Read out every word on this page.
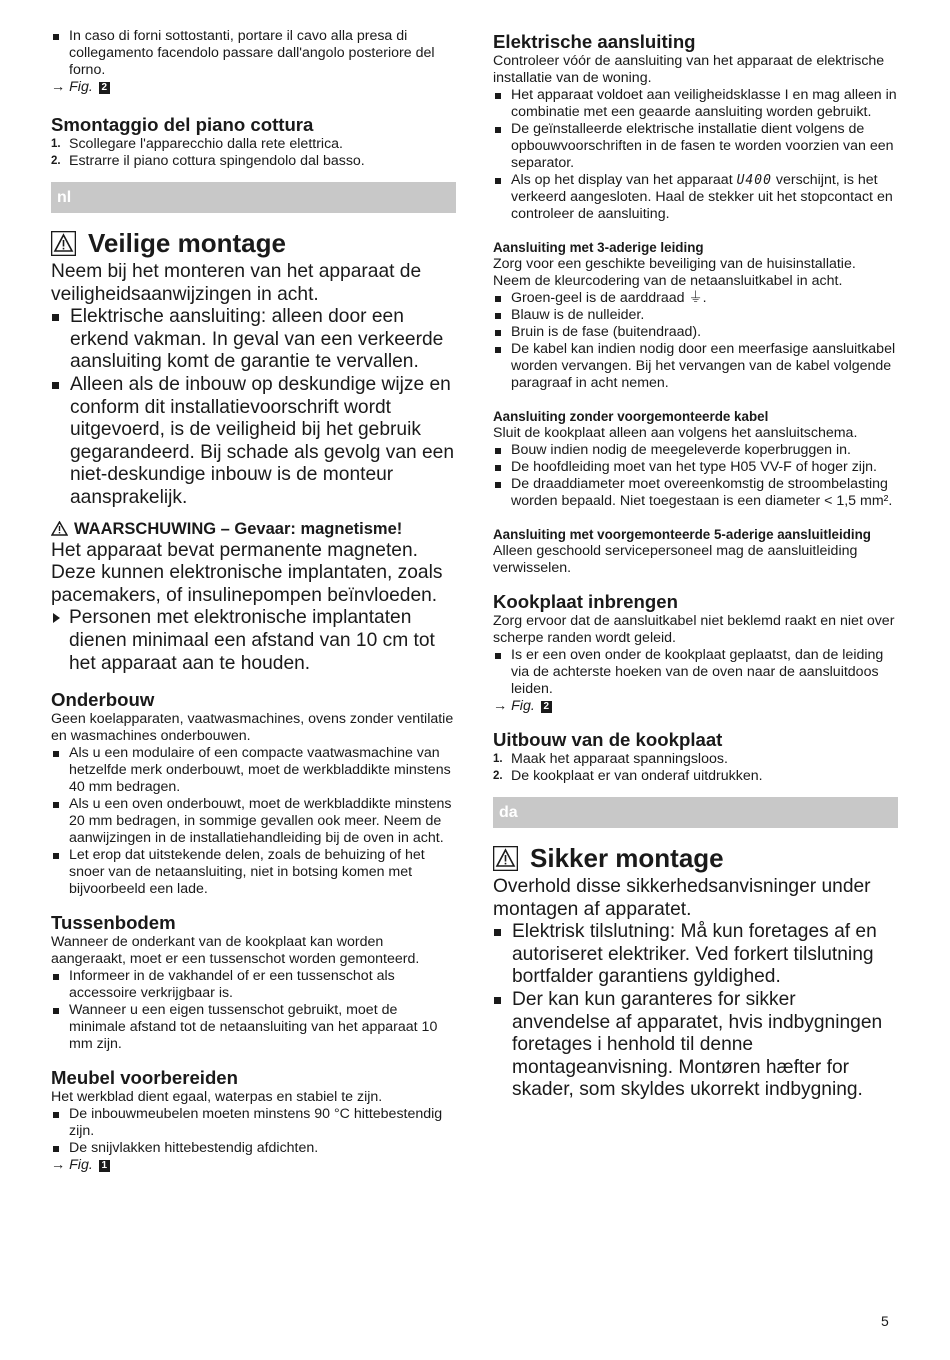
In caso di forni sottostanti, portare il cavo alla presa di collegamento facendolo passare dall'angolo posteriore del forno.
→ Fig. 2
Smontaggio del piano cottura
1. Scollegare l'apparecchio dalla rete elettrica.
2. Estrarre il piano cottura spingendolo dal basso.
nl
Veilige montage

Neem bij het monteren van het apparaat de veiligheidsaanwijzingen in acht.

Elektrische aansluiting: alleen door een erkend vakman. In geval van een verkeerde aansluiting komt de garantie te vervallen.
Alleen als de inbouw op deskundige wijze en conform dit installatievoorschrift wordt uitgevoerd, is de veiligheid bij het gebruik gegarandeerd. Bij schade als gevolg van een niet-deskundige inbouw is de monteur aansprakelijk.

WAARSCHUWING – Gevaar: magnetisme!

Het apparaat bevat permanente magneten. Deze kunnen elektronische implantaten, zoals pacemakers, of insulinepompen beïnvloeden.

Personen met elektronische implantaten dienen minimaal een afstand van 10 cm tot het apparaat aan te houden.
Onderbouw

Geen koelapparaten, vaatwasmachines, ovens zonder ventilatie en wasmachines onderbouwen.

Als u een modulaire of een compacte vaatwasmachine van hetzelfde merk onderbouwt, moet de werkbladdikte minstens 40 mm bedragen.
Als u een oven onderbouwt, moet de werkbladdikte minstens 20 mm bedragen, in sommige gevallen ook meer. Neem de aanwijzingen in de installatiehandleiding bij de oven in acht.
Let erop dat uitstekende delen, zoals de behuizing of het snoer van de netaansluiting, niet in botsing komen met bijvoorbeeld een lade.
Tussenbodem

Wanneer de onderkant van de kookplaat kan worden aangeraakt, moet er een tussenschot worden gemonteerd.

Informeer in de vakhandel of er een tussenschot als accessoire verkrijgbaar is.
Wanneer u een eigen tussenschot gebruikt, moet de minimale afstand tot de netaansluiting van het apparaat 10 mm zijn.
Meubel voorbereiden

Het werkblad dient egaal, waterpas en stabiel te zijn.

De inbouwmeubelen moeten minstens 90 °C hittebestendig zijn.
De snijvlakken hittebestendig afdichten.
→ Fig. 1
Elektrische aansluiting

Controleer vóór de aansluiting van het apparaat de elektrische installatie van de woning.

Het apparaat voldoet aan veiligheidsklasse I en mag alleen in combinatie met een geaarde aansluiting worden gebruikt.
De geïnstalleerde elektrische installatie dient volgens de opbouwvoorschriften in de fasen te worden voorzien van een separator.
Als op het display van het apparaat U400 verschijnt, is het verkeerd aangesloten. Haal de stekker uit het stopcontact en controleer de aansluiting.
Aansluiting met 3-aderige leiding

Zorg voor een geschikte beveiliging van de huisinstallatie.

Neem de kleurcodering van de netaansluitkabel in acht.

Groen-geel is de aarddraad ⏚.
Blauw is de nulleider.
Bruin is de fase (buitendraad).
De kabel kan indien nodig door een meerfasige aansluitkabel worden vervangen. Bij het vervangen van de kabel volgende paragraaf in acht nemen.
Aansluiting zonder voorgemonteerde kabel

Sluit de kookplaat alleen aan volgens het aansluitschema.

Bouw indien nodig de meegeleverde koperbruggen in.
De hoofdleiding moet van het type H05 VV-F of hoger zijn.
De draaddiameter moet overeenkomstig de stroombelasting worden bepaald. Niet toegestaan is een diameter < 1,5 mm².
Aansluiting met voorgemonteerde 5-aderige aansluitleiding

Alleen geschoold servicepersoneel mag de aansluitleiding verwisselen.

Kookplaat inbrengen

Zorg ervoor dat de aansluitkabel niet beklemd raakt en niet over scherpe randen wordt geleid.

Is er een oven onder de kookplaat geplaatst, dan de leiding via de achterste hoeken van de oven naar de aansluitdoos leiden.
→ Fig. 2
Uitbouw van de kookplaat
1. Maak het apparaat spanningsloos.
2. De kookplaat er van onderaf uitdrukken.
da
Sikker montage

Overhold disse sikkerhedsanvisninger under montagen af apparatet.

Elektrisk tilslutning: Må kun foretages af en autoriseret elektriker. Ved forkert tilslutning bortfalder garantiens gyldighed.
Der kan kun garanteres for sikker anvendelse af apparatet, hvis indbygningen foretages i henhold til denne montageanvisning. Montøren hæfter for skader, som skyldes ukorrekt indbygning.
5
